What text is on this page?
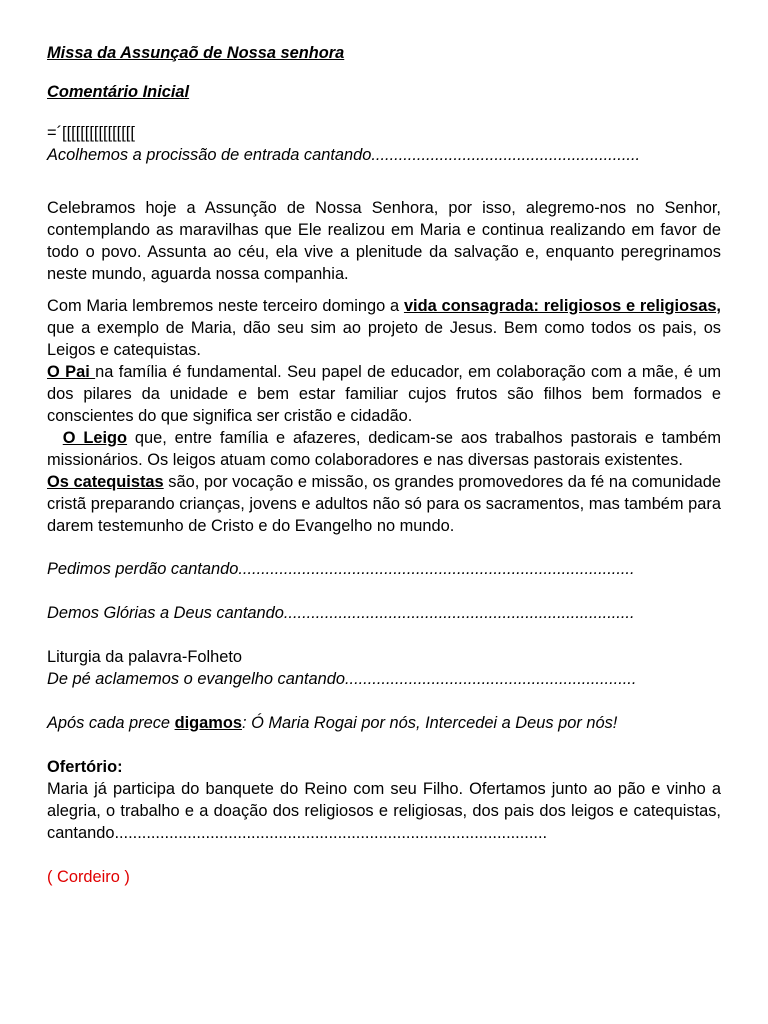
Missa da Assunçaõ de Nossa senhora

Comentário Inicial

=´[[[[[[[[[[[[[[[[

Acolhemos a procissão de entrada cantando...........................................................

Celebramos hoje a Assunção de Nossa Senhora, por isso, alegremo-nos no Senhor, contemplando as maravilhas que Ele realizou em Maria e continua realizando em favor de todo o povo. Assunta ao céu, ela vive a plenitude da salvação e, enquanto peregrinamos neste mundo, aguarda nossa companhia.

Com Maria lembremos neste terceiro domingo a vida consagrada: religiosos e religiosas, que a exemplo de Maria, dão seu sim ao projeto de Jesus. Bem como todos os pais, os Leigos e catequistas.

O Pai na família é fundamental. Seu papel de educador, em colaboração com a mãe, é um dos pilares da unidade e bem estar familiar cujos frutos são filhos bem formados e conscientes do que significa ser cristão e cidadão.

O Leigo que, entre família e afazeres, dedicam-se aos trabalhos pastorais e também missionários. Os leigos atuam como colaboradores e nas diversas pastorais existentes.

Os catequistas são, por vocação e missão, os grandes promovedores da fé na comunidade cristã preparando crianças, jovens e adultos não só para os sacramentos, mas também para darem testemunho de Cristo e do Evangelho no mundo.

Pedimos perdão cantando.......................................................................................

Demos Glórias a Deus cantando.............................................................................

Liturgia da palavra-Folheto

De pé aclamemos o evangelho cantando................................................................

Após cada prece digamos: Ó Maria Rogai por nós, Intercedei a Deus por nós!

Ofertório:

Maria já participa do banquete do Reino com seu Filho. Ofertamos junto ao pão e vinho a alegria, o trabalho e a doação dos religiosos e religiosas, dos pais dos leigos e catequistas,

cantando...............................................................................................

( Cordeiro )
